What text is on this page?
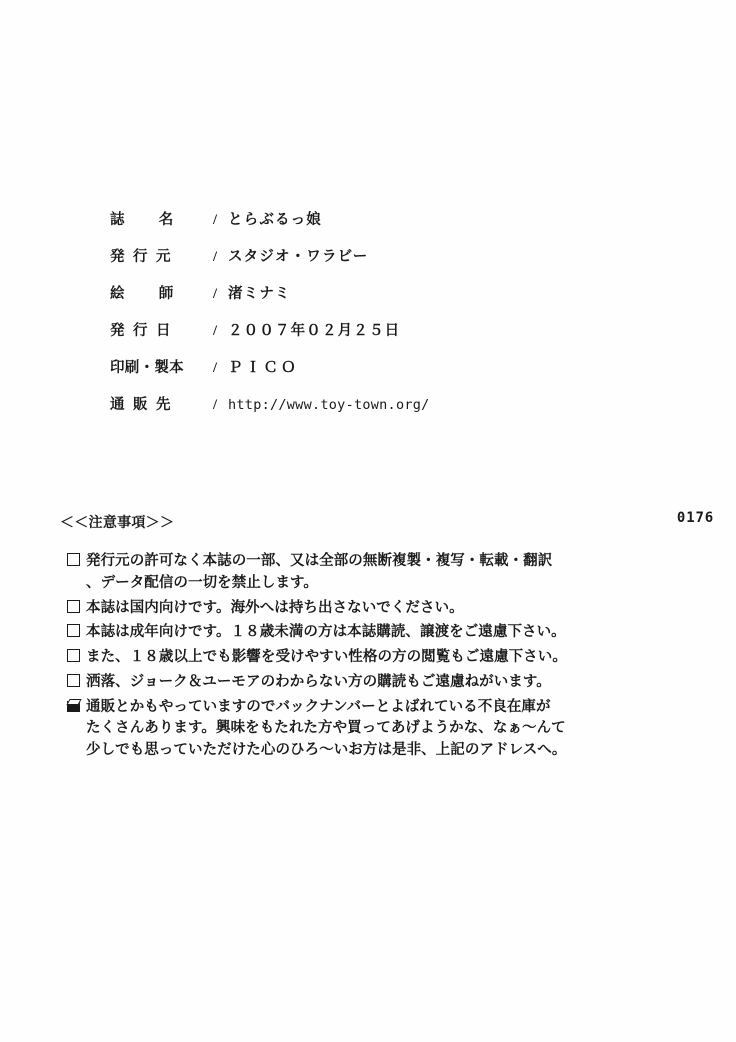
誌　　名	/ とらぶるっ娘
発 行 元	/ スタジオ・ワラビー
絵　　師	/ 渚ミナミ
発 行 日	/ ２００７年０２月２５日
印刷・製本	/ ＰＩＣＯ
通 販 先	/ http://www.toy-town.org/
0176
＜＜注意事項＞＞
発行元の許可なく本誌の一部、又は全部の無断複製・複写・転載・翻訳
、データ配信の一切を禁止します。
本誌は国内向けです。海外へは持ち出さないでください。
本誌は成年向けです。１８歳未満の方は本誌購読、譲渡をご遠慮下さい。
また、１８歳以上でも影響を受けやすい性格の方の閲覧もご遠慮下さい。
洒落、ジョーク＆ユーモアのわからない方の購読もご遠慮ねがいます。
通販とかもやっていますのでバックナンバーとよばれている不良在庫が
たくさんあります。興味をもたれた方や買ってあげようかな、なぁ〜んて
少しでも思っていただけた心のひろ〜いお方は是非、上記のアドレスへ。
